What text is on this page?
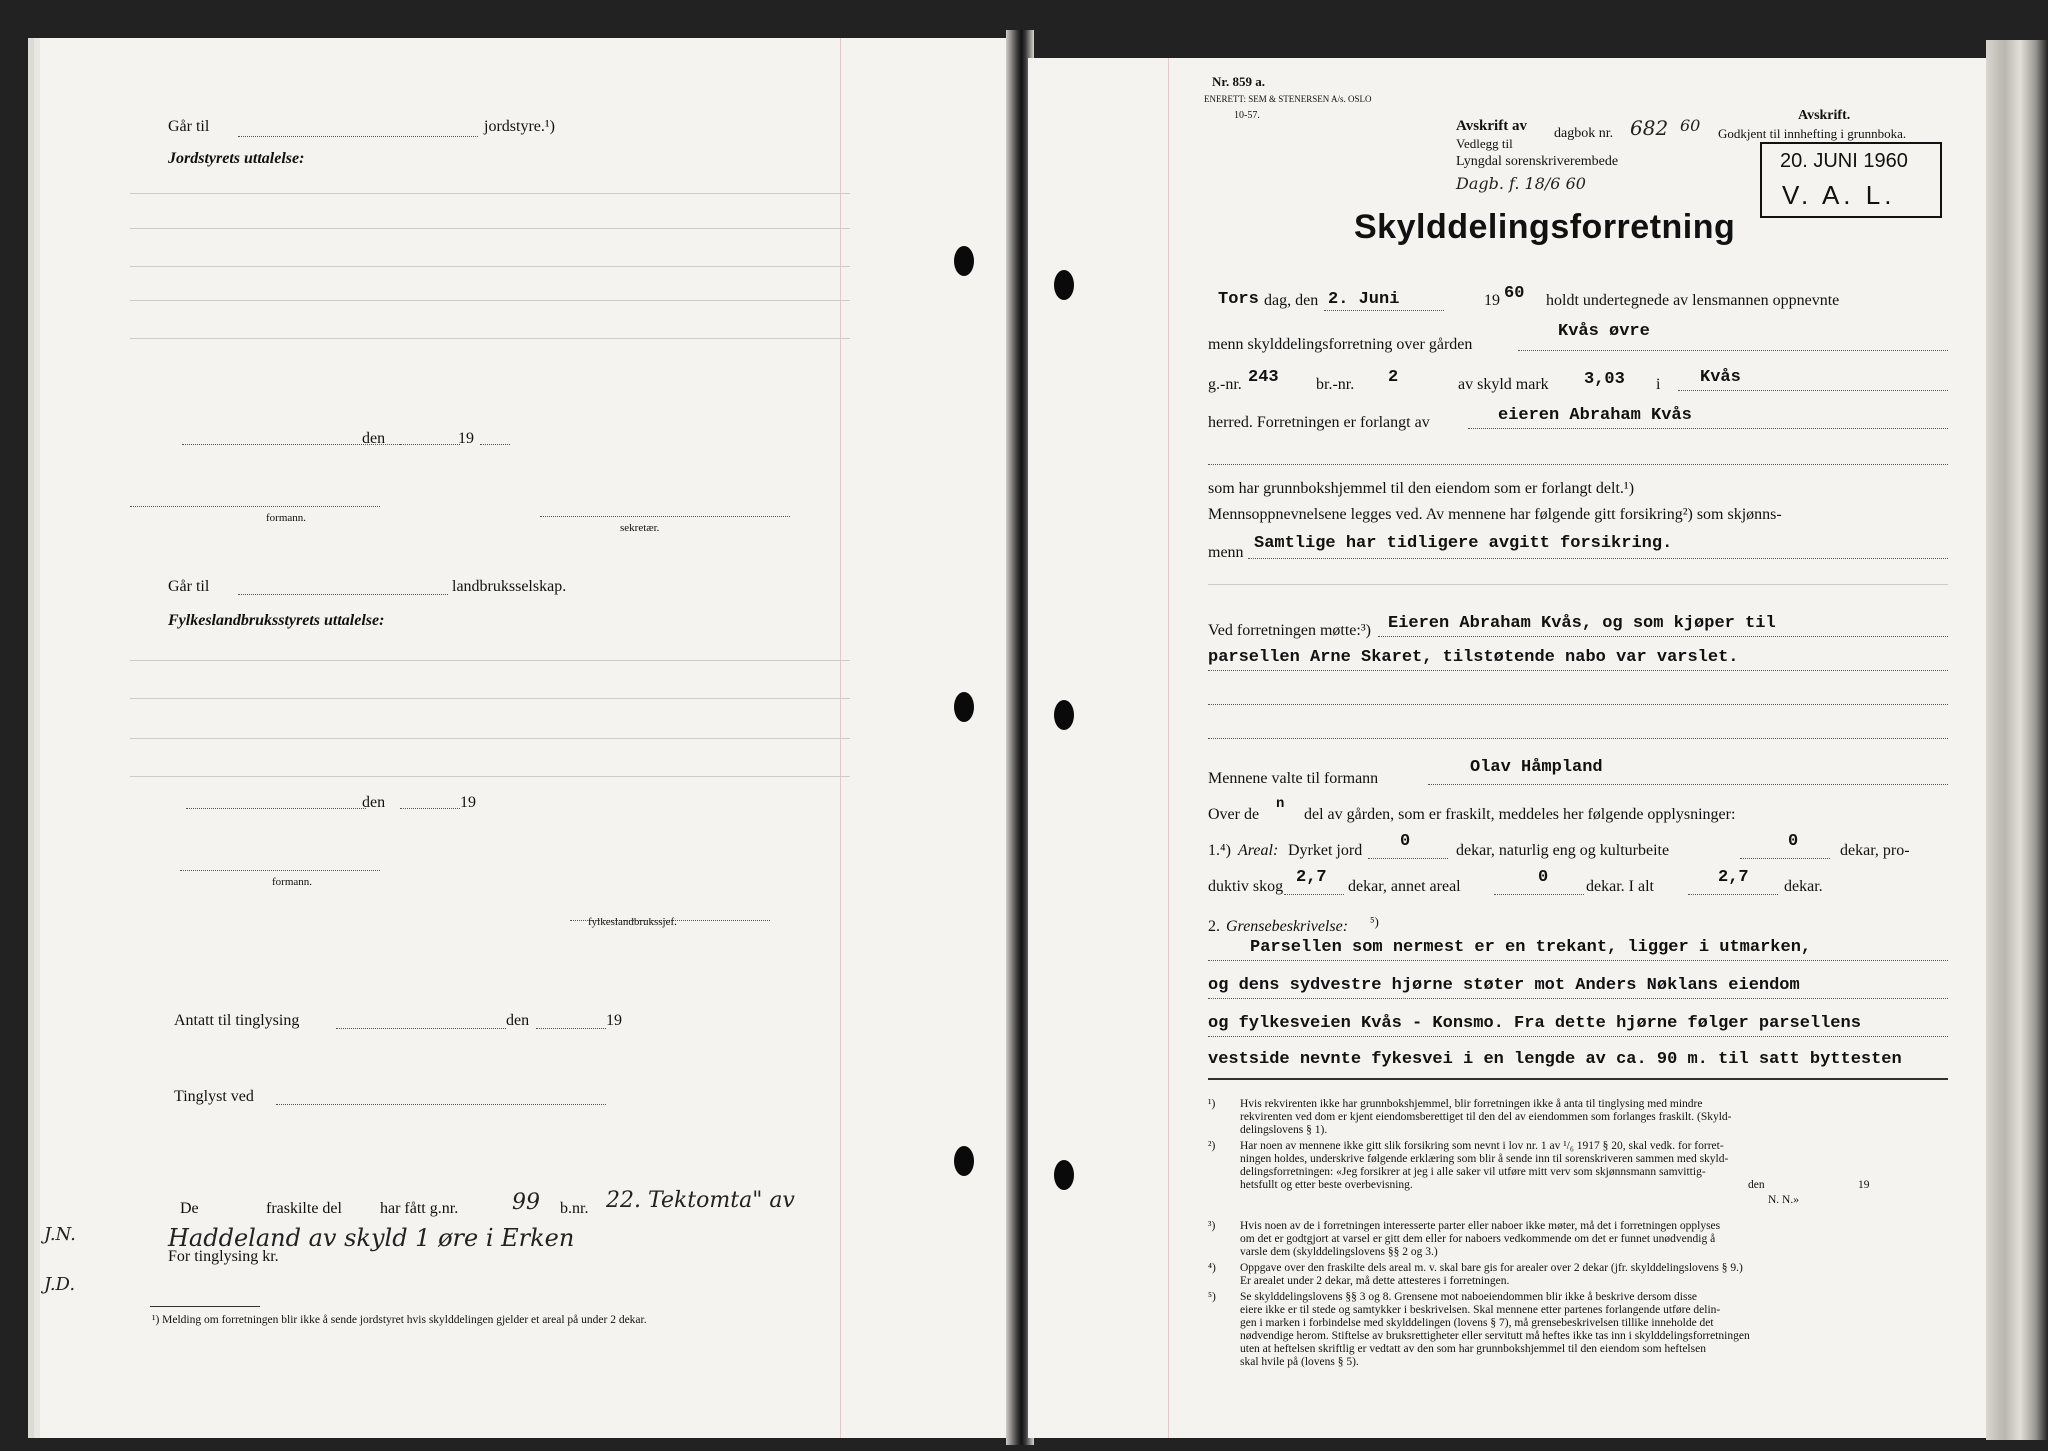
Går til	jordstyre.¹)
Jordstyrets uttalelse:
den	19
formann.
sekretær.
Går til	landbruksselskap.
Fylkeslandbruksstyrets uttalelse:
den	19
formann.
fylkeslandbrukssjef.
Antatt til tinglysing	den	19
Tinglyst ved
De	fraskilte del har fått g.nr. 99 b.nr. 22. Tektomta" av
Haddeland av skyld 1 øre i Erken
For tinglysing kr.
J.N.
J.D.
¹) Melding om forretningen blir ikke å sende jordstyret hvis skylddelingen gjelder et areal på under 2 dekar.
Nr. 859 a.
ENERETT: SEM & STENERSEN A/s. OSLO
10-57.
Avskrift av
Vedlegg til
dagbok nr. 682 60 Godkjent til innhefting i grunnboka.
Lyngdal sorenskriverembede
Dagb. f. 18/6 60
Avskrift.
20. JUNI 1960
V. A. L.
Skylddelingsforretning
Tors dag, den 2. Juni	19 60 holdt undertegnede av lensmannen oppnevnte
Kvås øvre
menn skylddelingsforretning over gården
g.-nr. 243 br.-nr. 2	av skyld mark 3,03 i Kvås
herred. Forretningen er forlangt av	eieren Abraham Kvås
som har grunnbokshjemmel til den eiendom som er forlangt delt.¹)
Mennsoppnevnelsene legges ved. Av mennene har følgende gitt forsikring²) som skjønns-
menn Samtlige har tidligere avgitt forsikring.
Ved forretningen møtte:³) Eieren Abraham Kvås, og som kjøper til
parsellen Arne Skaret, tilstøtende nabo var varslet.
Mennene valte til formann
Olav Håmpland
Over de
n
del av gården, som er fraskilt, meddeles her følgende opplysninger:
1.⁴) Areal: Dyrket jord 0	dekar, naturlig eng og kulturbeite	0	dekar, pro-
duktiv skog 2,7 dekar, annet areal	0 dekar. I alt	2,7 dekar.
2. Grensebeskrivelse: ⁵)
Parsellen som nermest er en trekant, ligger i utmarken,
og dens sydvestre hjørne støter mot Anders Nøklans eiendom
og fylkesveien Kvås - Konsmo. Fra dette hjørne følger parsellens
vestside nevnte fykesvei i en lengde av ca. 90 m. til satt byttesten
¹) Hvis rekvirenten ikke har grunnbokshjemmel, blir forretningen ikke å anta til tinglysing med mindre
rekvirenten ved dom er kjent eiendomsberettiget til den del av eiendommen som forlanges fraskilt. (Skyld-
delingslovens § 1).
²) Har noen av mennene ikke gitt slik forsikring som nevnt i lov nr. 1 av ¹/₆ 1917 § 20, skal vedk. for forret-
ningen holdes, underskrive følgende erklæring som blir å sende inn til sorenskriveren sammen med skyld-
delingsforretningen: «Jeg forsikrer at jeg i alle saker vil utføre mitt verv som skjønnsmann samvittig-
hetsfullt og etter beste overbevisning.	den	19
N. N.»
³) Hvis noen av de i forretningen interesserte parter eller naboer ikke møter, må det i forretningen opplyses
om det er godtgjort at varsel er gitt dem eller for naboers vedkommende om det er funnet unødvendig å
varsle dem (skylddelingslovens §§ 2 og 3.)
⁴) Oppgave over den fraskilte dels areal m. v. skal bare gis for arealer over 2 dekar (jfr. skylddelingslovens § 9.)
Er arealet under 2 dekar, må dette attesteres i forretningen.
⁵) Se skylddelingslovens §§ 3 og 8. Grensene mot naboeiendommen blir ikke å beskrive dersom disse
eiere ikke er til stede og samtykker i beskrivelsen. Skal mennene etter partenes forlangende utføre delin-
gen i marken i forbindelse med skylddelingen (lovens § 7), må grensebeskrivelsen tillike inneholde det
nødvendige herom. Stiftelse av bruksrettigheter eller servitutt må heftes ikke tas inn i skylddelingsforretningen
uten at heftelsen skriftlig er vedtatt av den som har grunnbokshjemmel til den eiendom som heftelsen
skal hvile på (lovens § 5).
